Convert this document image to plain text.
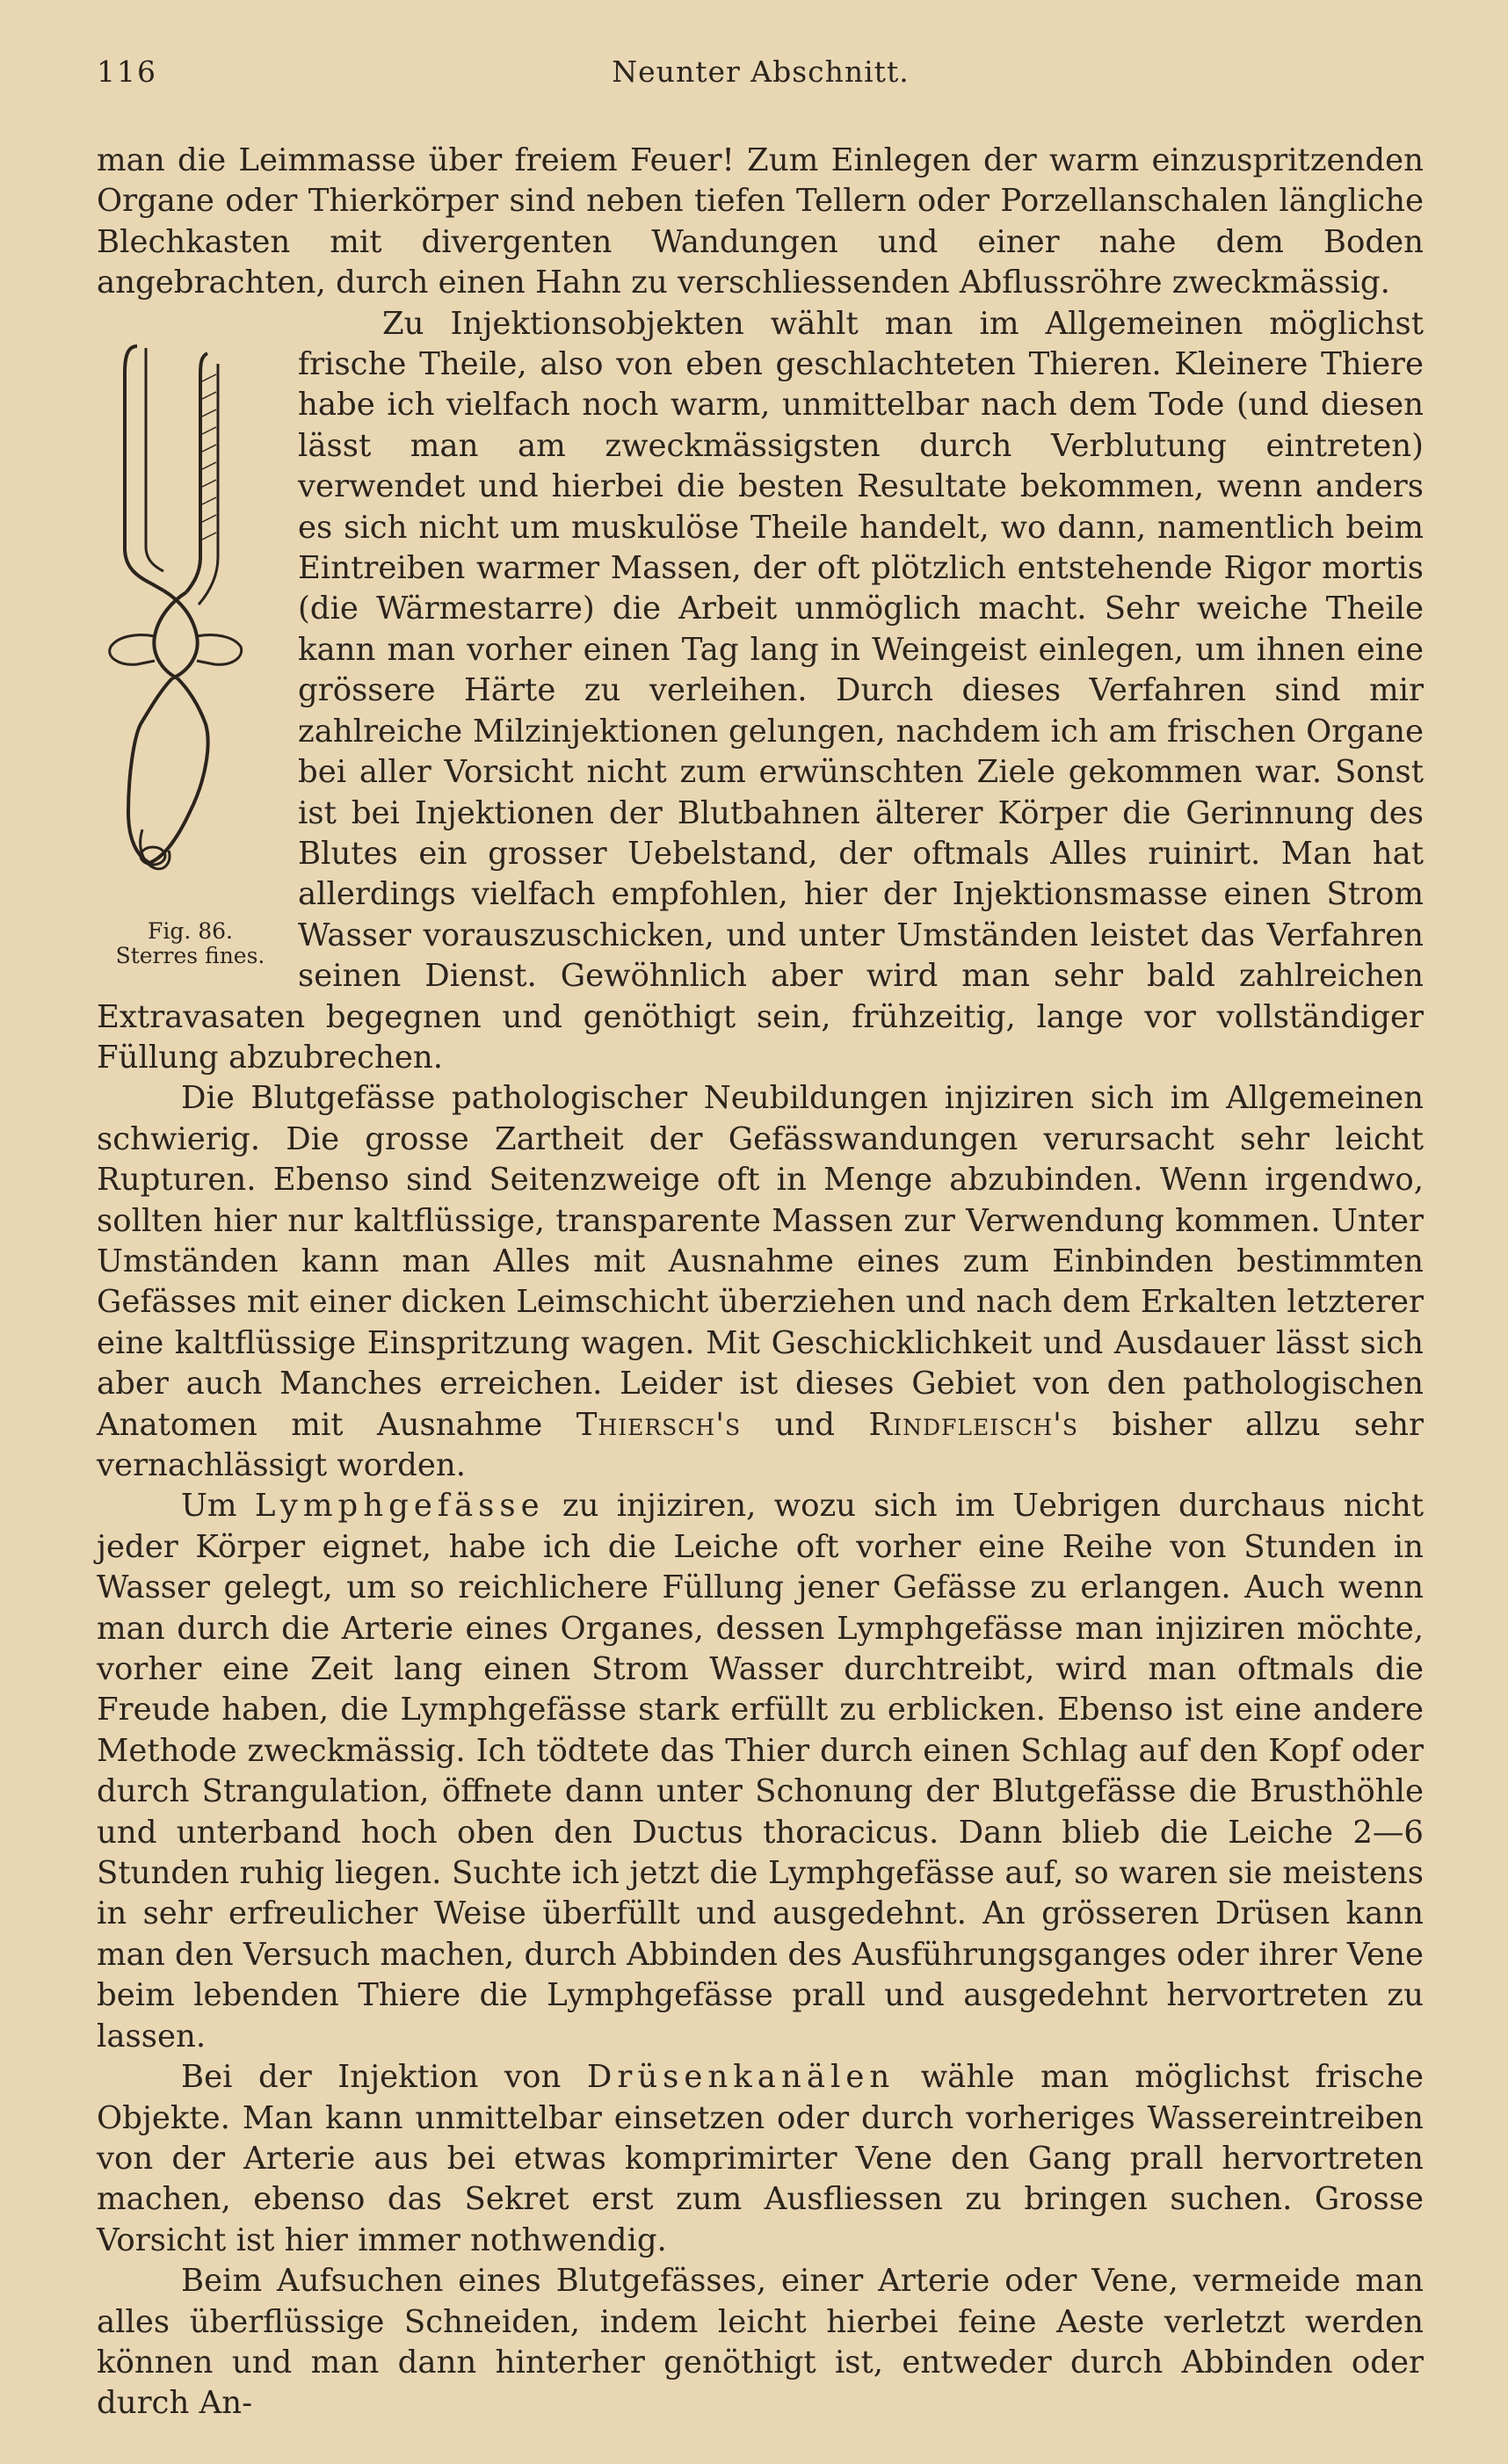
116	Neunter Abschnitt.

man die Leimmasse über freiem Feuer! Zum Einlegen der warm einzuspritzenden Organe oder Thierkörper sind neben tiefen Tellern oder Porzellanschalen längliche Blechkasten mit divergenten Wandungen und einer nahe dem Boden angebrachten, durch einen Hahn zu verschliessenden Abflussröhre zweckmässig.

Fig. 86.
Sterres fines.

Zu Injektionsobjekten wählt man im Allgemeinen möglichst frische Theile, also von eben geschlachteten Thieren. Kleinere Thiere habe ich vielfach noch warm, unmittelbar nach dem Tode (und diesen lässt man am zweckmässigsten durch Verblutung eintreten) verwendet und hierbei die besten Resultate bekommen, wenn anders es sich nicht um muskulöse Theile handelt, wo dann, namentlich beim Eintreiben warmer Massen, der oft plötzlich entstehende Rigor mortis (die Wärmestarre) die Arbeit unmöglich macht. Sehr weiche Theile kann man vorher einen Tag lang in Weingeist einlegen, um ihnen eine grössere Härte zu verleihen. Durch dieses Verfahren sind mir zahlreiche Milzinjektionen gelungen, nachdem ich am frischen Organe bei aller Vorsicht nicht zum erwünschten Ziele gekommen war. Sonst ist bei Injektionen der Blutbahnen älterer Körper die Gerinnung des Blutes ein grosser Uebelstand, der oftmals Alles ruinirt. Man hat allerdings vielfach empfohlen, hier der Injektionsmasse einen Strom Wasser vorauszuschicken, und unter Umständen leistet das Verfahren seinen Dienst. Gewöhnlich aber wird man sehr bald zahlreichen Extravasaten begegnen und genöthigt sein, frühzeitig, lange vor vollständiger Füllung abzubrechen.

Die Blutgefässe pathologischer Neubildungen injiziren sich im Allgemeinen schwierig. Die grosse Zartheit der Gefässwandungen verursacht sehr leicht Rupturen. Ebenso sind Seitenzweige oft in Menge abzubinden. Wenn irgendwo, sollten hier nur kaltflüssige, transparente Massen zur Verwendung kommen. Unter Umständen kann man Alles mit Ausnahme eines zum Einbinden bestimmten Gefässes mit einer dicken Leimschicht überziehen und nach dem Erkalten letzterer eine kaltflüssige Einspritzung wagen. Mit Geschicklichkeit und Ausdauer lässt sich aber auch Manches erreichen. Leider ist dieses Gebiet von den pathologischen Anatomen mit Ausnahme Thiersch's und Rindfleisch's bisher allzu sehr vernachlässigt worden.

Um Lymphgefässe zu injiziren, wozu sich im Uebrigen durchaus nicht jeder Körper eignet, habe ich die Leiche oft vorher eine Reihe von Stunden in Wasser gelegt, um so reichlichere Füllung jener Gefässe zu erlangen. Auch wenn man durch die Arterie eines Organes, dessen Lymphgefässe man injiziren möchte, vorher eine Zeit lang einen Strom Wasser durchtreibt, wird man oftmals die Freude haben, die Lymphgefässe stark erfüllt zu erblicken. Ebenso ist eine andere Methode zweckmässig. Ich tödtete das Thier durch einen Schlag auf den Kopf oder durch Strangulation, öffnete dann unter Schonung der Blutgefässe die Brusthöhle und unterband hoch oben den Ductus thoracicus. Dann blieb die Leiche 2—6 Stunden ruhig liegen. Suchte ich jetzt die Lymphgefässe auf, so waren sie meistens in sehr erfreulicher Weise überfüllt und ausgedehnt. An grösseren Drüsen kann man den Versuch machen, durch Abbinden des Ausführungsganges oder ihrer Vene beim lebenden Thiere die Lymphgefässe prall und ausgedehnt hervortreten zu lassen.

Bei der Injektion von Drüsenkanälen wähle man möglichst frische Objekte. Man kann unmittelbar einsetzen oder durch vorheriges Wassereintreiben von der Arterie aus bei etwas komprimirter Vene den Gang prall hervortreten machen, ebenso das Sekret erst zum Ausfliessen zu bringen suchen. Grosse Vorsicht ist hier immer nothwendig.

Beim Aufsuchen eines Blutgefässes, einer Arterie oder Vene, vermeide man alles überflüssige Schneiden, indem leicht hierbei feine Aeste verletzt werden können und man dann hinterher genöthigt ist, entweder durch Abbinden oder durch An-
